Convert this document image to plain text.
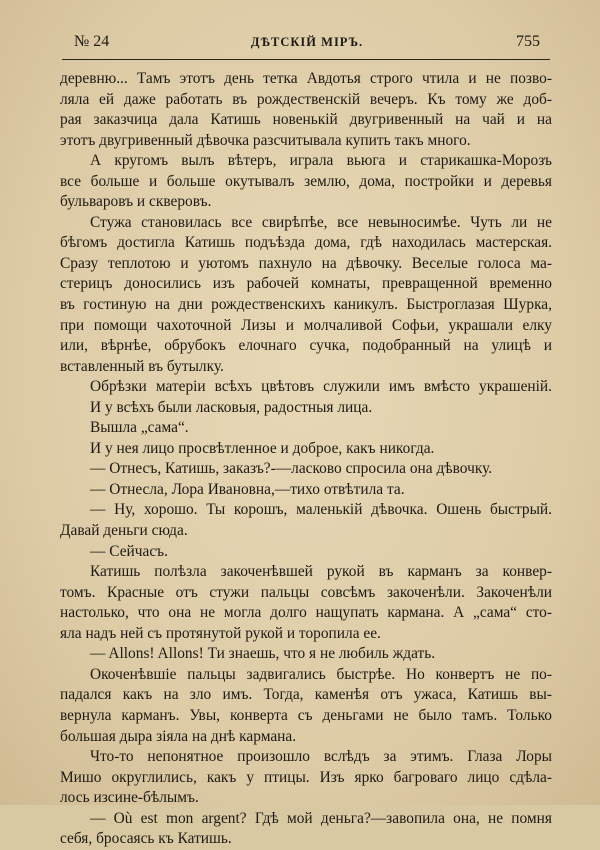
№ 24	ДѢТСКІЙ МІРЪ.	755

деревню... Тамъ этотъ день тетка Авдотья строго чтила и не позво-

ляла ей даже работать въ рождественскій вечеръ. Къ тому же доб-

рая заказчица дала Катишь новенькій двугривенный на чай и на

этотъ двугривенный дѣвочка разсчитывала купить такъ много.

А кругомъ вылъ вѣтеръ, играла вьюга и старикашка-Морозъ

все больше и больше окутывалъ землю, дома, постройки и деревья

бульваровъ и скверовъ.

Стужа становилась все свирѣпѣе, все невыносимѣе. Чуть ли не

бѣгомъ достигла Катишь подъѣзда дома, гдѣ находилась мастерская.

Сразу теплотою и уютомъ пахнуло на дѣвочку. Веселые голоса ма-

стерицъ доносились изъ рабочей комнаты, превращенной временно

въ гостиную на дни рождественскихъ каникулъ. Быстроглазая Шурка,

при помощи чахоточной Лизы и молчаливой Софьи, украшали елку

или, вѣрнѣе, обрубокъ елочнаго сучка, подобранный на улицѣ и

вставленный въ бутылку.

Обрѣзки матеріи всѣхъ цвѣтовъ служили имъ вмѣсто украшеній.

И у всѣхъ были ласковыя, радостныя лица.

Вышла „сама“.

И у нея лицо просвѣтленное и доброе, какъ никогда.

— Отнесъ, Катишь, заказъ?-—ласково спросила она дѣвочку.

— Отнесла, Лора Ивановна,—тихо отвѣтила та.

— Ну, хорошо. Ты корошъ, маленькій дѣвочка. Ошень быстрый.

Давай деньги сюда.

— Сейчасъ.

Катишь полѣзла закоченѣвшей рукой въ карманъ за конвер-

томъ. Красные отъ стужи пальцы совсѣмъ закоченѣли. Закоченѣли

настолько, что она не могла долго нащупать кармана. А „сама“ сто-

яла надъ ней съ протянутой рукой и торопила ее.

— Allons! Allons! Ти знаешь, что я не любиль ждать.

Окоченѣвшіе пальцы задвигались быстрѣе. Но конвертъ не по-

падался какъ на зло имъ. Тогда, каменѣя отъ ужаса, Катишь вы-

вернула карманъ. Увы, конверта съ деньгами не было тамъ. Только

большая дыра зіяла на днѣ кармана.

Что-то непонятное произошло вслѣдъ за этимъ. Глаза Лоры

Мишо округлились, какъ у птицы. Изъ ярко багроваго лицо сдѣла-

лось изсине-бѣлымъ.

— Où est mon argent? Гдѣ мой деньга?—завопила она, не помня

себя, бросаясь къ Катишь.
